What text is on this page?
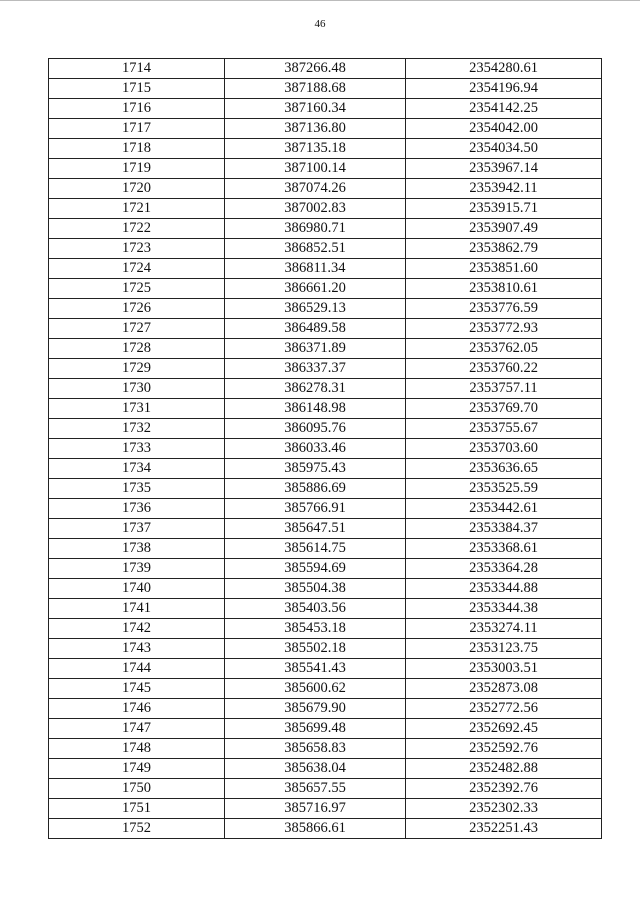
46
1714	387266.48	2354280.61
1715	387188.68	2354196.94
1716	387160.34	2354142.25
1717	387136.80	2354042.00
1718	387135.18	2354034.50
1719	387100.14	2353967.14
1720	387074.26	2353942.11
1721	387002.83	2353915.71
1722	386980.71	2353907.49
1723	386852.51	2353862.79
1724	386811.34	2353851.60
1725	386661.20	2353810.61
1726	386529.13	2353776.59
1727	386489.58	2353772.93
1728	386371.89	2353762.05
1729	386337.37	2353760.22
1730	386278.31	2353757.11
1731	386148.98	2353769.70
1732	386095.76	2353755.67
1733	386033.46	2353703.60
1734	385975.43	2353636.65
1735	385886.69	2353525.59
1736	385766.91	2353442.61
1737	385647.51	2353384.37
1738	385614.75	2353368.61
1739	385594.69	2353364.28
1740	385504.38	2353344.88
1741	385403.56	2353344.38
1742	385453.18	2353274.11
1743	385502.18	2353123.75
1744	385541.43	2353003.51
1745	385600.62	2352873.08
1746	385679.90	2352772.56
1747	385699.48	2352692.45
1748	385658.83	2352592.76
1749	385638.04	2352482.88
1750	385657.55	2352392.76
1751	385716.97	2352302.33
1752	385866.61	2352251.43
